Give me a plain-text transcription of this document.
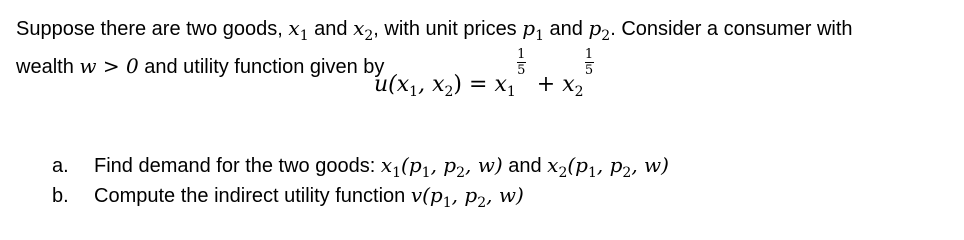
Suppose there are two goods, $x_1$ and $x_2$, with unit prices $p_1$ and $p_2$. Consider a consumer with
wealth w > 0 and utility function given by
$u(x_1$, $x_2) = x_1$
1
5
+ $x_2$
1
5
a.	Find demand for the two goods: $x_1(p_1$, $p_2$, w) and $x_2(p_1$, $p_2$, w)
b.	Compute the indirect utility function $v(p_1$, $p_2$, w)
